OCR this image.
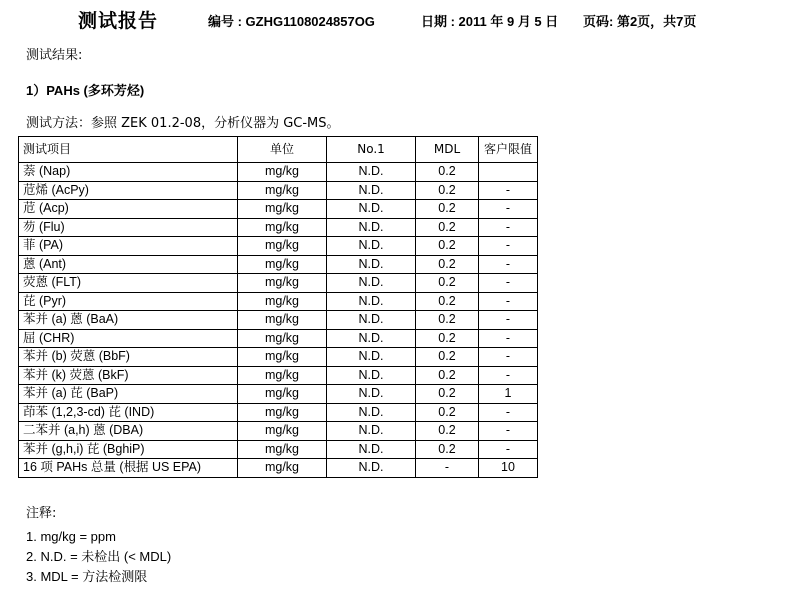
测试报告	编号 : GZHG1108024857OG	日期 : 2011 年 9 月 5 日 页码: 第2页，共7页
测试结果:
1）PAHs (多环芳烃)
测试方法：参照 ZEK 01.2-08，分析仪器为 GC-MS。
测试项目	单位	No.1	MDL	客户限值
萘 (Nap)	mg/kg	N.D.	0.2	
苊烯 (AcPy)	mg/kg	N.D.	0.2	-
苊 (Acp)	mg/kg	N.D.	0.2	-
芴 (Flu)	mg/kg	N.D.	0.2	-
菲 (PA)	mg/kg	N.D.	0.2	-
蒽 (Ant)	mg/kg	N.D.	0.2	-
荧蒽 (FLT)	mg/kg	N.D.	0.2	-
芘 (Pyr)	mg/kg	N.D.	0.2	-
苯并 (a) 蒽 (BaA)	mg/kg	N.D.	0.2	-
屈 (CHR)	mg/kg	N.D.	0.2	-
苯并 (b) 荧蒽 (BbF)	mg/kg	N.D.	0.2	-
苯并 (k) 荧蒽 (BkF)	mg/kg	N.D.	0.2	-
苯并 (a) 芘 (BaP)	mg/kg	N.D.	0.2	1
茚苯 (1,2,3-cd) 芘 (IND)	mg/kg	N.D.	0.2	-
二苯并 (a,h) 蒽 (DBA)	mg/kg	N.D.	0.2	-
苯并 (g,h,i) 芘 (BghiP)	mg/kg	N.D.	0.2	-
16 项 PAHs 总量 (根据 US EPA)	mg/kg	N.D.	-	10
注释:
1. mg/kg = ppm
2. N.D. = 未检出 (< MDL)
3. MDL = 方法检测限
